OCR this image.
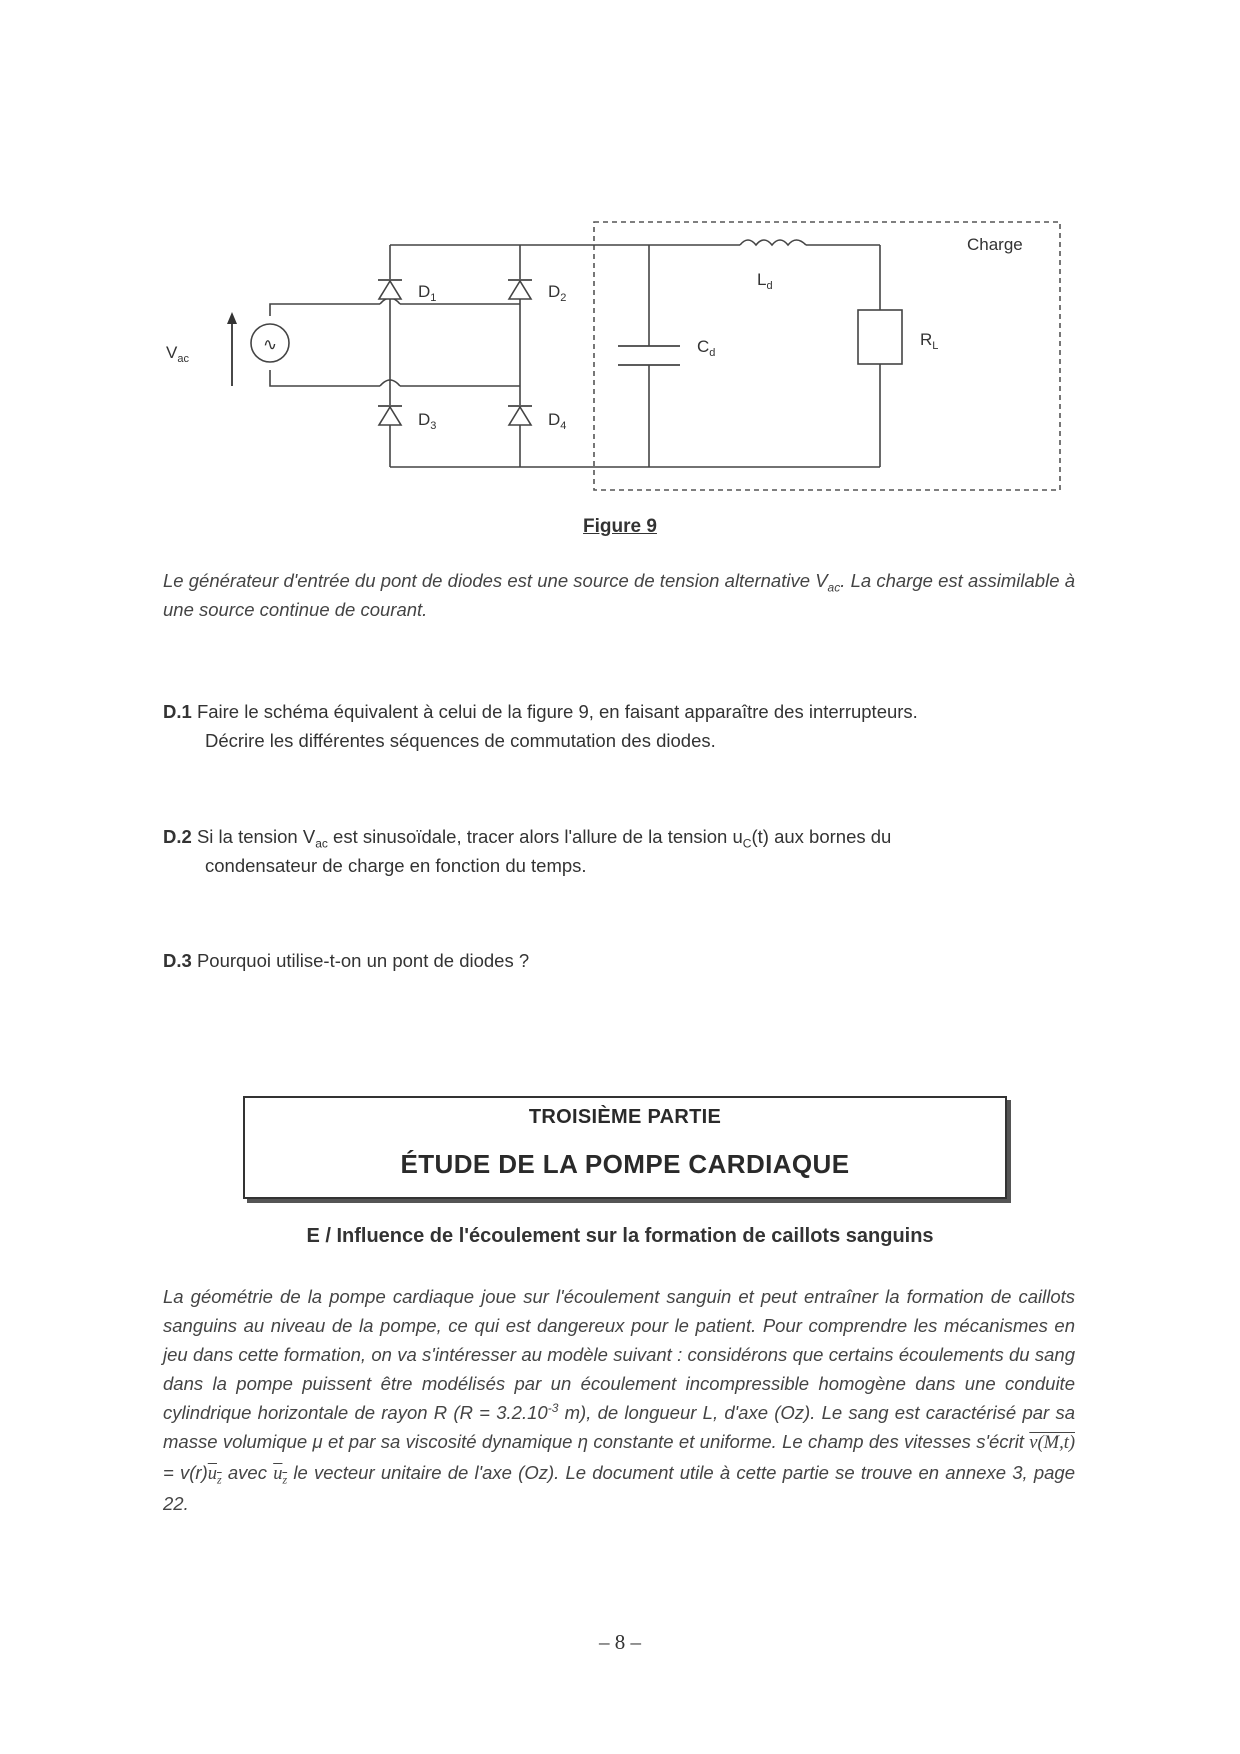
Charge
∿
$V_{ac}$
$D_1$	$D_2$
$D_3$	$D_4$
$C_d$
$L_d$
$R_L$
Figure 9
Le générateur d'entrée du pont de diodes est une source de tension alternative $V_{ac}$. La charge est assimilable à une source continue de courant.
D.1 Faire le schéma équivalent à celui de la figure 9, en faisant apparaître des interrupteurs.
Décrire les différentes séquences de commutation des diodes.
D.2 Si la tension $V_{ac}$ est sinusoïdale, tracer alors l'allure de la tension $u_C(t)$ aux bornes du
condensateur de charge en fonction du temps.
D.3 Pourquoi utilise-t-on un pont de diodes ?
TROISIÈME PARTIE
ÉTUDE DE LA POMPE CARDIAQUE
E / Influence de l'écoulement sur la formation de caillots sanguins
La géométrie de la pompe cardiaque joue sur l'écoulement sanguin et peut entraîner la formation de caillots sanguins au niveau de la pompe, ce qui est dangereux pour le patient. Pour comprendre les mécanismes en jeu dans cette formation, on va s'intéresser au modèle suivant : considérons que certains écoulements du sang dans la pompe puissent être modélisés par un écoulement incompressible homogène dans une conduite cylindrique horizontale de rayon R ($R = 3.2.10^{-3}$ m), de longueur L, d'axe (Oz). Le sang est caractérisé par sa masse volumique μ et par sa viscosité dynamique η constante et uniforme. Le champ des vitesses s'écrit $v(M,t) = v(r)u_z$ avec $u_z$ le vecteur unitaire de l'axe (Oz). Le document utile à cette partie se trouve en annexe 3, page 22.
– 8 –
